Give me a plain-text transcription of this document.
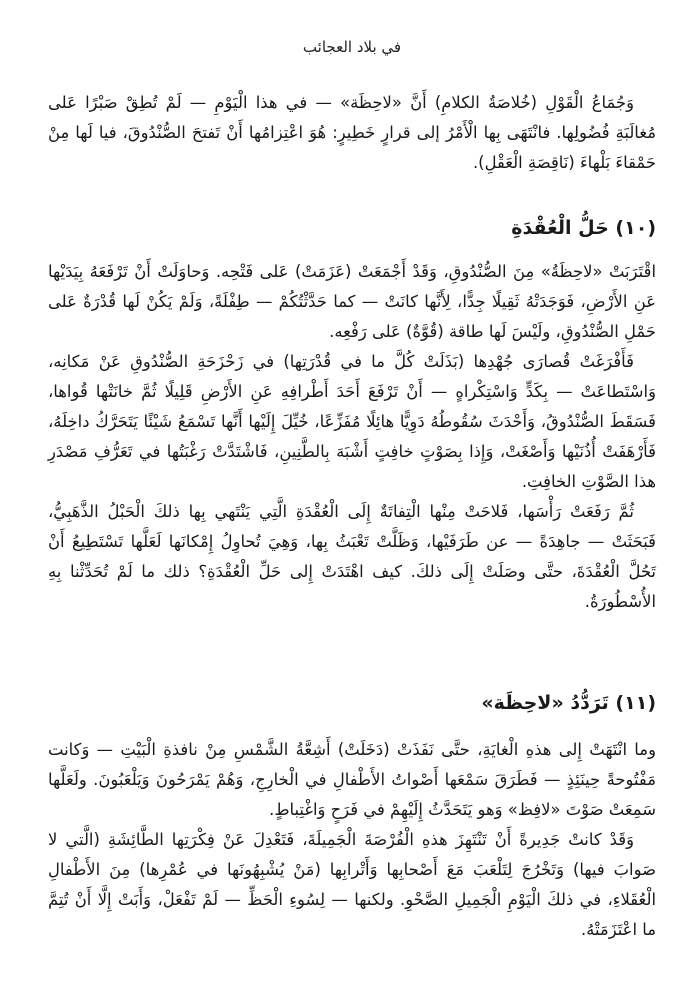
في بلاد العجائب

وَجُمَاعُ الْقَوْلِ (خُلاصَةُ الكلامِ) أَنَّ «لاحِظَة» — في هذا الْيَوْمِ — لَمْ تُطِقْ صَبْرًا عَلى مُغالَبَةِ فُضُولِها. فانْتَهَى بِها الْأَمْرُ إلى قرارٍ خَطِيرٍ: هُوَ اعْتِزامُها أَنْ تَفتحَ الصُّنْدُوقَ، فيا لَها مِنْ حَمْقاءَ بَلْهاءَ (نَاقِصَةِ الْعَقْلِ).

(١٠) حَلُّ الْعُقْدَةِ

اقْتَرَبَتْ «لاحِظَةُ» مِنَ الصُّنْدُوقِ، وَقَدْ أَجْمَعَتْ (عَزَمَتْ) عَلى فَتْحِه. وَحاوَلَتْ أَنْ تَرْفَعَهُ بِيَدَيْها عَنِ الأَرْضِ، فَوَجَدَتْهُ ثَقِيلًا جِدًّا، لِأَنَّها كانَتْ — كما حَدَّثْتُكُمْ — طِفْلَةً، وَلَمْ يَكُنْ لَها قُدْرَةٌ عَلى حَمْلِ الصُّنْدُوقِ، ولَيْسَ لَها طاقة (قُوَّةٌ) عَلى رَفْعِه.

فَأَفْرَغَتْ قُصارَى جُهْدِها (بَذَلَتْ كُلَّ ما في قُدْرَتِها) في زَحْزَحَةِ الصُّنْدُوقِ عَنْ مَكانِه، وَاسْتَطاعَتْ — بِكَدٍّ وَاسْتِكْراهٍ — أَنْ تَرْفَعَ أَحَدَ أَطْرافِهِ عَنِ الأَرْضِ قَلِيلًا ثُمَّ خانَتْها قُواها، فَسَقَطَ الصُّنْدُوقُ، وَأَحْدَثَ سُقُوطُهُ دَوِيًّا هائِلًا مُفَزِّعًا، خُيِّلَ إِلَيْها أَنَّها تَسْمَعُ شَيْئًا يَتَحَرَّكُ داخِلَهُ، فَأَرْهَفَتْ أُذُنَيْها وَأَصْغَتْ، وَإِذا بِصَوْتٍ خافِتٍ أَشْبَهَ بِالطَّنِينِ، فَاشْتَدَّتْ رَغْبَتُها في تَعَرُّفِ مَصْدَرِ هذا الصَّوْتِ الخافِتِ.

ثُمَّ رَفَعَتْ رَأْسَها، فَلاحَتْ مِنْها الْتِفاتَةٌ إِلَى الْعُقْدَةِ الَّتِي يَنْتَهي بِها ذلكَ الْحَبْلُ الذَّهَبِيُّ، فَبَحَثَتْ — جاهِدَةً — عن طَرَفَيْها، وَظَلَّتْ تَعْبَثُ بِها، وَهِيَ تُحاوِلُ إِمْكانَها لَعَلَّها تَسْتَطِيعُ أَنْ تَحُلَّ الْعُقْدَةَ، حتَّى وصَلَتْ إِلَى ذلكَ. كيف اهْتَدَتْ إِلى حَلِّ الْعُقْدَةِ؟ ذلك ما لَمْ تُحَدِّثْنا بِهِ الأُسْطُورَةُ.

(١١) تَرَدُّدُ «لاحِظَة»

وما انْتَهَتْ إِلى هذهِ الْغايَةِ، حتَّى نَفَذَتْ (دَخَلَتْ) أَشِعَّةُ الشَّمْسِ مِنْ نافذةِ الْبَيْتِ — وَكانت مَفْتُوحةً حِينَئِذٍ — فَطَرَقَ سَمْعَها أَصْواتُ الأَطْفالِ في الْخارِجِ، وَهُمْ يَمْرَحُونَ وَيَلْعَبُونَ. ولَعَلَّها سَمِعَتْ صَوْتَ «لافِظ» وَهو يَتَحَدَّثُ إِلَيْهِمْ في فَرَحٍ وَاغْتِباطٍ.

وَقَدْ كانتْ جَدِيرةً أَنْ تَنْتَهِزَ هذهِ الْفُرْصَةَ الْجَمِيلَةَ، فَتَعْدِلَ عَنْ فِكْرَتِها الطَّائِشَةِ (الَّتي لا صَوابَ فيها) وَتَخْرُجَ لِتَلْعَبَ مَعَ أَصْحابِها وَأَتْرابِها (مَنْ يُشْبِهُونَها في عُمْرِها) مِنَ الأَطْفالِ الْعُقَلاءِ، في ذلكَ الْيَوْمِ الْجَمِيلِ الصَّحْوِ. ولكنها — لِسُوءِ الْحَظِّ — لَمْ تَفْعَلْ، وَأَبَتْ إِلَّا أَنْ تُتِمَّ ما اعْتَزَمَتْهُ.
